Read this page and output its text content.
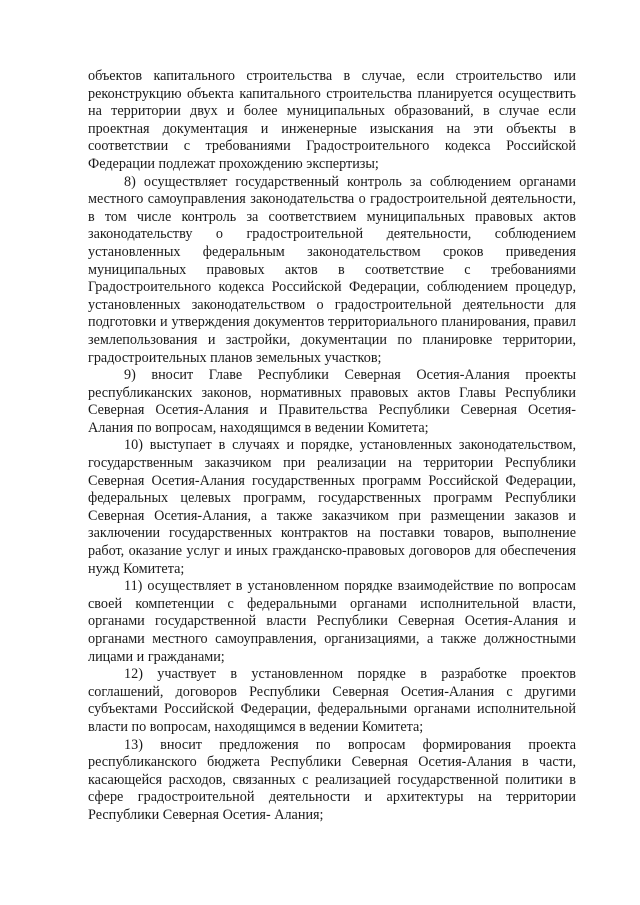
объектов капитального строительства в случае, если строительство или реконструкцию объекта капитального строительства планируется осуществить на территории двух и более муниципальных образований, в случае если проектная документация и инженерные изыскания на эти объекты в соответствии с требованиями Градостроительного кодекса Российской Федерации подлежат прохождению экспертизы;

8) осуществляет государственный контроль за соблюдением органами местного самоуправления законодательства о градостроительной деятельности, в том числе контроль за соответствием муниципальных правовых актов законодательству о градостроительной деятельности, соблюдением установленных федеральным законодательством сроков приведения муниципальных правовых актов в соответствие с требованиями Градостроительного кодекса Российской Федерации, соблюдением процедур, установленных законодательством о градостроительной деятельности для подготовки и утверждения документов территориального планирования, правил землепользования и застройки, документации по планировке территории, градостроительных планов земельных участков;

9) вносит Главе Республики Северная Осетия-Алания проекты республиканских законов, нормативных правовых актов Главы Республики Северная Осетия-Алания и Правительства Республики Северная Осетия-Алания по вопросам, находящимся в ведении Комитета;

10) выступает в случаях и порядке, установленных законодательством, государственным заказчиком при реализации на территории Республики Северная Осетия-Алания государственных программ Российской Федерации, федеральных целевых программ, государственных программ Республики Северная Осетия-Алания, а также заказчиком при размещении заказов и заключении государственных контрактов на поставки товаров, выполнение работ, оказание услуг и иных гражданско-правовых договоров для обеспечения нужд Комитета;

11) осуществляет в установленном порядке взаимодействие по вопросам своей компетенции с федеральными органами исполнительной власти, органами государственной власти Республики Северная Осетия-Алания и органами местного самоуправления, организациями, а также должностными лицами и гражданами;

12) участвует в установленном порядке в разработке проектов соглашений, договоров Республики Северная Осетия-Алания с другими субъектами Российской Федерации, федеральными органами исполнительной власти по вопросам, находящимся в ведении Комитета;

13) вносит предложения по вопросам формирования проекта республиканского бюджета Республики Северная Осетия-Алания в части, касающейся расходов, связанных с реализацией государственной политики в сфере градостроительной деятельности и архитектуры на территории Республики Северная Осетия- Алания;
